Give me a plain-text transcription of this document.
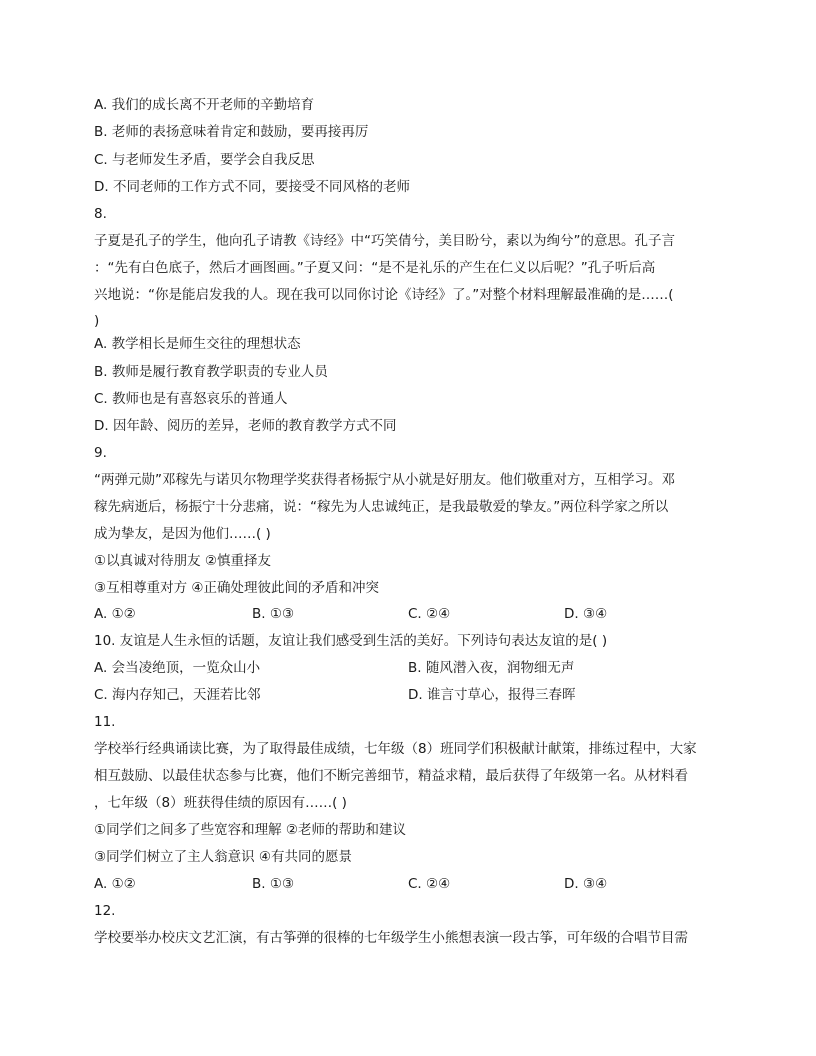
A. 我们的成长离不开老师的辛勤培育
B. 老师的表扬意味着肯定和鼓励，要再接再厉
C. 与老师发生矛盾，要学会自我反思
D. 不同老师的工作方式不同，要接受不同风格的老师
8.
子夏是孔子的学生，他向孔子请教《诗经》中“巧笑倩兮，美目盼兮，素以为绚兮”的意思。孔子言
：“先有白色底子，然后才画图画。”子夏又问：“是不是礼乐的产生在仁义以后呢？”孔子听后高
兴地说：“你是能启发我的人。现在我可以同你讨论《诗经》了。”对整个材料理解最准确的是……(
)
A. 教学相长是师生交往的理想状态
B. 教师是履行教育教学职责的专业人员
C. 教师也是有喜怒哀乐的普通人
D. 因年龄、阅历的差异，老师的教育教学方式不同
9.
“两弹元勋”邓稼先与诺贝尔物理学奖获得者杨振宁从小就是好朋友。他们敬重对方，互相学习。邓
稼先病逝后，杨振宁十分悲痛，说：“稼先为人忠诚纯正，是我最敬爱的挚友。”两位科学家之所以
成为挚友，是因为他们……( )
①以真诚对待朋友 ②慎重择友
③互相尊重对方 ④正确处理彼此间的矛盾和冲突
A. ①②	B. ①③	C. ②④	D. ③④
10. 友谊是人生永恒的话题，友谊让我们感受到生活的美好。下列诗句表达友谊的是( )
A. 会当凌绝顶，一览众山小	B. 随风潜入夜，润物细无声
C. 海内存知己，天涯若比邻	D. 谁言寸草心，报得三春晖
11.
学校举行经典诵读比赛，为了取得最佳成绩，七年级（8）班同学们积极献计献策，排练过程中，大家
相互鼓励、以最佳状态参与比赛，他们不断完善细节，精益求精，最后获得了年级第一名。从材料看
，七年级（8）班获得佳绩的原因有……( )
①同学们之间多了些宽容和理解 ②老师的帮助和建议
③同学们树立了主人翁意识 ④有共同的愿景
A. ①②	B. ①③	C. ②④	D. ③④
12.
学校要举办校庆文艺汇演，有古筝弹的很棒的七年级学生小熊想表演一段古筝，可年级的合唱节目需
